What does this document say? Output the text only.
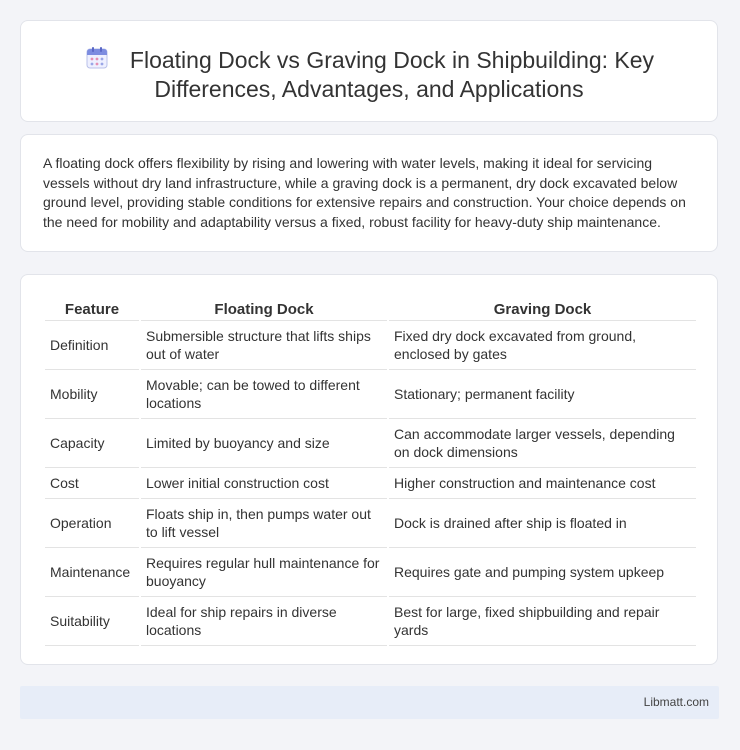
Floating Dock vs Graving Dock in Shipbuilding: Key
Differences, Advantages, and Applications
A floating dock offers flexibility by rising and lowering with water levels, making it ideal for servicing vessels without dry land infrastructure, while a graving dock is a permanent, dry dock excavated below ground level, providing stable conditions for extensive repairs and construction. Your choice depends on the need for mobility and adaptability versus a fixed, robust facility for heavy-duty ship maintenance.
Feature	Floating Dock	Graving Dock
Definition	Submersible structure that lifts ships out of water	Fixed dry dock excavated from ground, enclosed by gates
Mobility	Movable; can be towed to different locations	Stationary; permanent facility
Capacity	Limited by buoyancy and size	Can accommodate larger vessels, depending on dock dimensions
Cost	Lower initial construction cost	Higher construction and maintenance cost
Operation	Floats ship in, then pumps water out to lift vessel	Dock is drained after ship is floated in
Maintenance	Requires regular hull maintenance for buoyancy	Requires gate and pumping system upkeep
Suitability	Ideal for ship repairs in diverse locations	Best for large, fixed shipbuilding and repair yards
Libmatt.com
